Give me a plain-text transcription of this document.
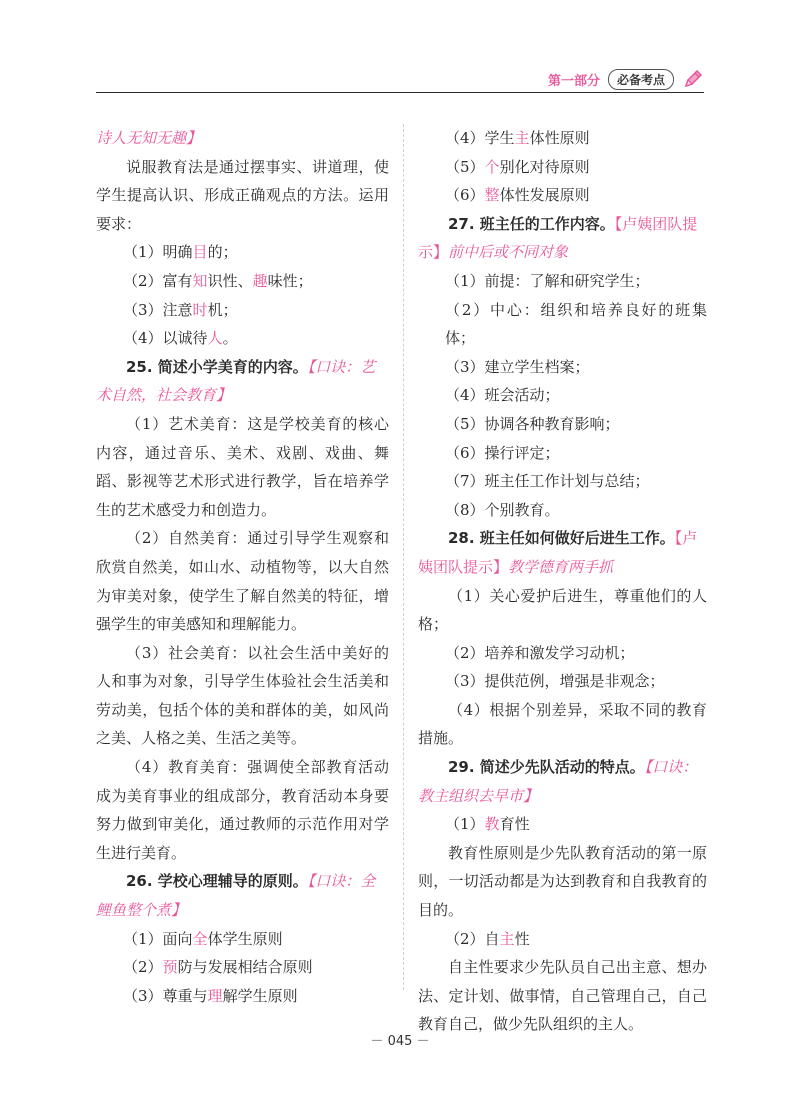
第一部分	必备考点

诗人无知无趣】

说服教育法是通过摆事实、讲道理，使学生提高认识、形成正确观点的方法。运用要求：

（1）明确目的；

（2）富有知识性、趣味性；

（3）注意时机；

（4）以诚待人。

25. 简述小学美育的内容。【口诀：艺术自然，社会教育】

（1）艺术美育：这是学校美育的核心内容，通过音乐、美术、戏剧、戏曲、舞蹈、影视等艺术形式进行教学，旨在培养学生的艺术感受力和创造力。

（2）自然美育：通过引导学生观察和欣赏自然美，如山水、动植物等，以大自然为审美对象，使学生了解自然美的特征，增强学生的审美感知和理解能力。

（3）社会美育：以社会生活中美好的人和事为对象，引导学生体验社会生活美和劳动美，包括个体的美和群体的美，如风尚之美、人格之美、生活之美等。

（4）教育美育：强调使全部教育活动成为美育事业的组成部分，教育活动本身要努力做到审美化，通过教师的示范作用对学生进行美育。

26. 学校心理辅导的原则。【口诀：全鲤鱼整个煮】

（1）面向全体学生原则

（2）预防与发展相结合原则

（3）尊重与理解学生原则

（4）学生主体性原则

（5）个别化对待原则

（6）整体性发展原则

27. 班主任的工作内容。【卢姨团队提示】前中后或不同对象

（1）前提：了解和研究学生；

（2）中心：组织和培养良好的班集体；

（3）建立学生档案；

（4）班会活动；

（5）协调各种教育影响；

（6）操行评定；

（7）班主任工作计划与总结；

（8）个别教育。

28. 班主任如何做好后进生工作。【卢姨团队提示】教学德育两手抓

（1）关心爱护后进生，尊重他们的人格；

（2）培养和激发学习动机；

（3）提供范例，增强是非观念；

（4）根据个别差异，采取不同的教育措施。

29. 简述少先队活动的特点。【口诀：教主组织去早市】

（1）教育性

教育性原则是少先队教育活动的第一原则，一切活动都是为达到教育和自我教育的目的。

（2）自主性

自主性要求少先队员自己出主意、想办法、定计划、做事情，自己管理自己，自己教育自己，做少先队组织的主人。

－ 045 －
